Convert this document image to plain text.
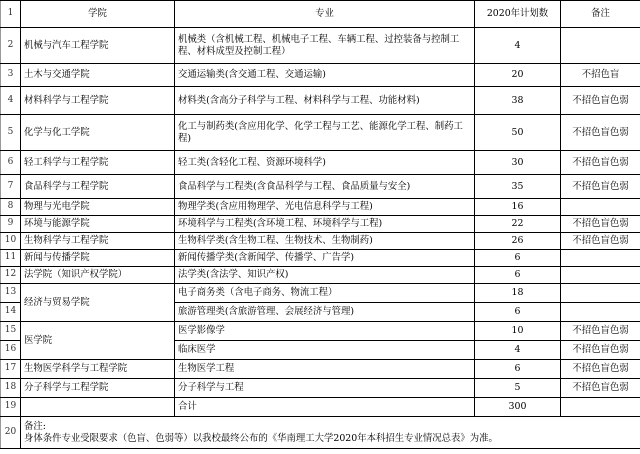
1	学院	专业	2020年计划数	备注
2	机械与汽车工程学院	机械类（含机械工程、机械电子工程、车辆工程、过控装备与控制工程、材料成型及控制工程）	4	
3	土木与交通学院	交通运输类(含交通工程、交通运输)	20	不招色盲
4	材料科学与工程学院	材料类(含高分子科学与工程、材料科学与工程、功能材料)	38	不招色盲色弱
5	化学与化工学院	化工与制药类(含应用化学、化学工程与工艺、能源化学工程、制药工程)	50	不招色盲色弱
6	轻工科学与工程学院	轻工类(含轻化工程、资源环境科学)	30	不招色盲色弱
7	食品科学与工程学院	食品科学与工程类(含食品科学与工程、食品质量与安全)	35	不招色盲色弱
8	物理与光电学院	物理学类(含应用物理学、光电信息科学与工程)	16	
9	环境与能源学院	环境科学与工程类(含环境工程、环境科学与工程)	22	不招色盲色弱
10	生物科学与工程学院	生物科学类(含生物工程、生物技术、生物制药)	26	不招色盲色弱
11	新闻与传播学院	新闻传播学类(含新闻学、传播学、广告学)	6	
12	法学院（知识产权学院）	法学类(含法学、知识产权)	6	
13	经济与贸易学院	电子商务类（含电子商务、物流工程）	18	
14		旅游管理类(含旅游管理、会展经济与管理)	6	
15	医学院	医学影像学	10	不招色盲色弱
16		临床医学	4	不招色盲色弱
17	生物医学科学与工程学院	生物医学工程	6	不招色盲色弱
18	分子科学与工程学院	分子科学与工程	5	不招色盲色弱
19		合计	300	
20	备注:
身体条件专业受限要求（色盲、色弱等）以我校最终公布的《华南理工大学2020年本科招生专业情况总表》为准。			
